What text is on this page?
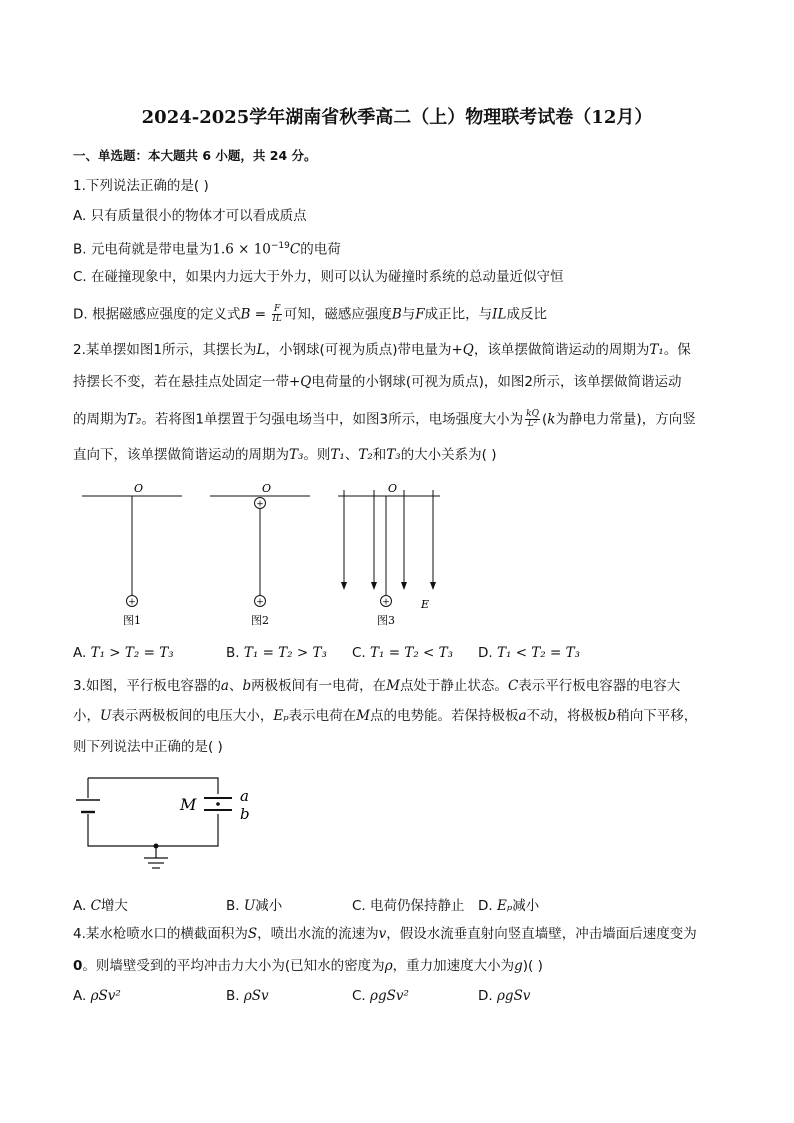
2024-2025学年湖南省秋季高二（上）物理联考试卷（12月）
一、单选题：本大题共 6 小题，共 24 分。
1.下列说法正确的是( )
A. 只有质量很小的物体才可以看成质点
B. 元电荷就是带电量为$1.6 \times 10^{-19}C$的电荷
C. 在碰撞现象中，如果内力远大于外力，则可以认为碰撞时系统的总动量近似守恒
D. 根据磁感应强度的定义式$B = \frac{F}{IL}$ 可知，磁感应强度B与F成正比，与IL成反比
2.某单摆如图1所示，其摆长为L，小钢球(可视为质点)带电量为+Q，该单摆做简谐运动的周期为T₁。保
持摆长不变，若在悬挂点处固定一带+Q电荷量的小钢球(可视为质点)，如图2所示，该单摆做简谐运动
的周期为T₂。若将图1单摆置于匀强电场当中，如图3所示，电场强度大小为 $\frac{kQ}{\text{L²}} (k$为静电力常量)，方向竖
直向下，该单摆做简谐运动的周期为T₃。则T₁、T₂和T₃的大小关系为( )
O
+
图1
O
+
+
图2
O
+	E
图3
A. T₁ > T₂ = T₃	B. T₁ = T₂ > T₃ C. T₁ = T₂ < T₃ D. T₁ < T₂ = T₃
3.如图，平行板电容器的a、b两极板间有一电荷，在M点处于静止状态。C表示平行板电容器的电容大
小，U表示两极板间的电压大小，Eₚ表示电荷在M点的电势能。若保持极板a不动，将极板b稍向下平移，
则下列说法中正确的是( )
M	a
b
A. C增大	B. U减小	C. 电荷仍保持静止 D. Eₚ减小
4.某水枪喷水口的横截面积为S，喷出水流的流速为v，假设水流垂直射向竖直墙壁，冲击墙面后速度变为
0。则墙壁受到的平均冲击力大小为(已知水的密度为ρ，重力加速度大小为g)( )
A. ρSv²	B. ρSv	C. ρgSv²	D. ρgSv
